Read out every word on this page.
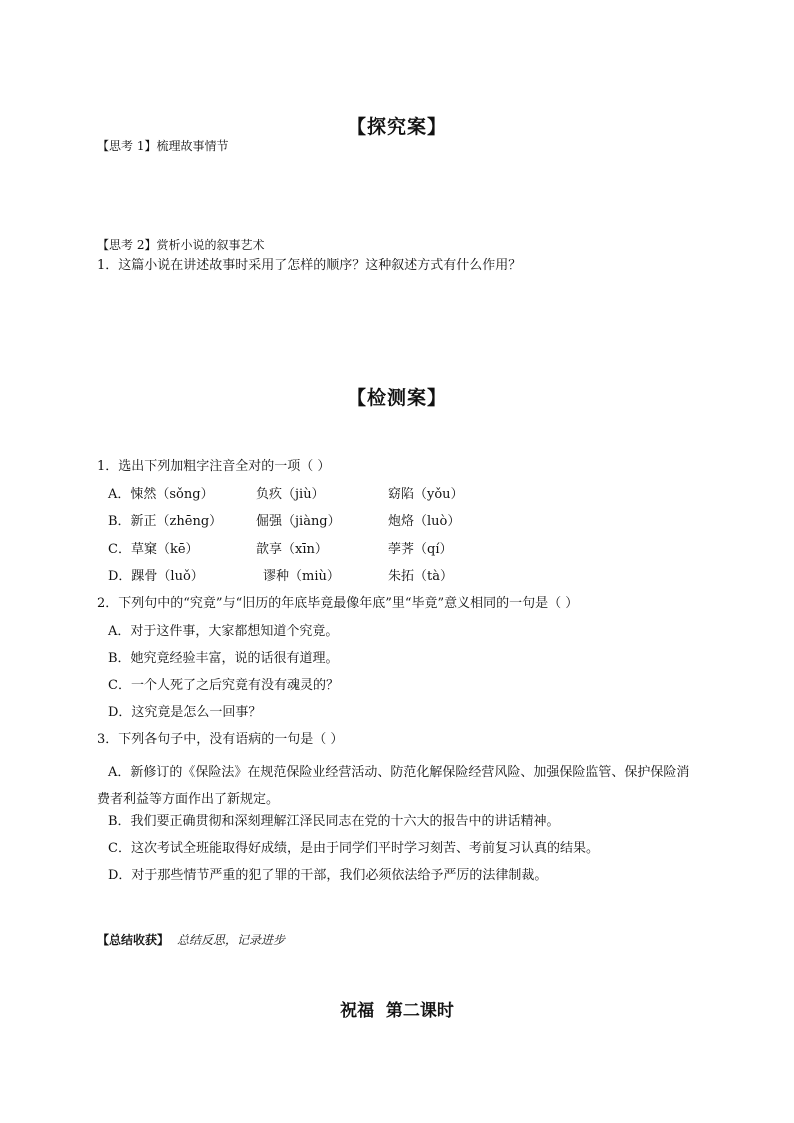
【探究案】
【思考 1】梳理故事情节
【思考 2】赏析小说的叙事艺术
1．这篇小说在讲述故事时采用了怎样的顺序？这种叙述方式有什么作用？
【检测案】
1．选出下列加粗字注音全对的一项（ ）
A．悚然（sǒng）	负疚（jiù）	窈陷（yǒu）
B．新正（zhēng）	倔强（jiàng）	炮烙（luò）
C．草窠（kē）	歆享（xīn）	荸荠（qí）
D．踝骨（luǒ）	谬种（miù）	朱拓（tà）
2．下列句中的“究竟”与“旧历的年底毕竟最像年底”里“毕竟”意义相同的一句是（ ）
A．对于这件事，大家都想知道个究竟。
B．她究竟经验丰富，说的话很有道理。
C．一个人死了之后究竟有没有魂灵的？
D．这究竟是怎么一回事？
3．下列各句子中，没有语病的一句是（ ）
A．新修订的《保险法》在规范保险业经营活动、防范化解保险经营风险、加强保险监管、保护保险消费者利益等方面作出了新规定。
B．我们要正确贯彻和深刻理解江泽民同志在党的十六大的报告中的讲话精神。
C．这次考试全班能取得好成绩，是由于同学们平时学习刻苦、考前复习认真的结果。
D．对于那些情节严重的犯了罪的干部，我们必须依法给予严厉的法律制裁。
【总结收获】 总结反思，记录进步
祝福  第二课时
